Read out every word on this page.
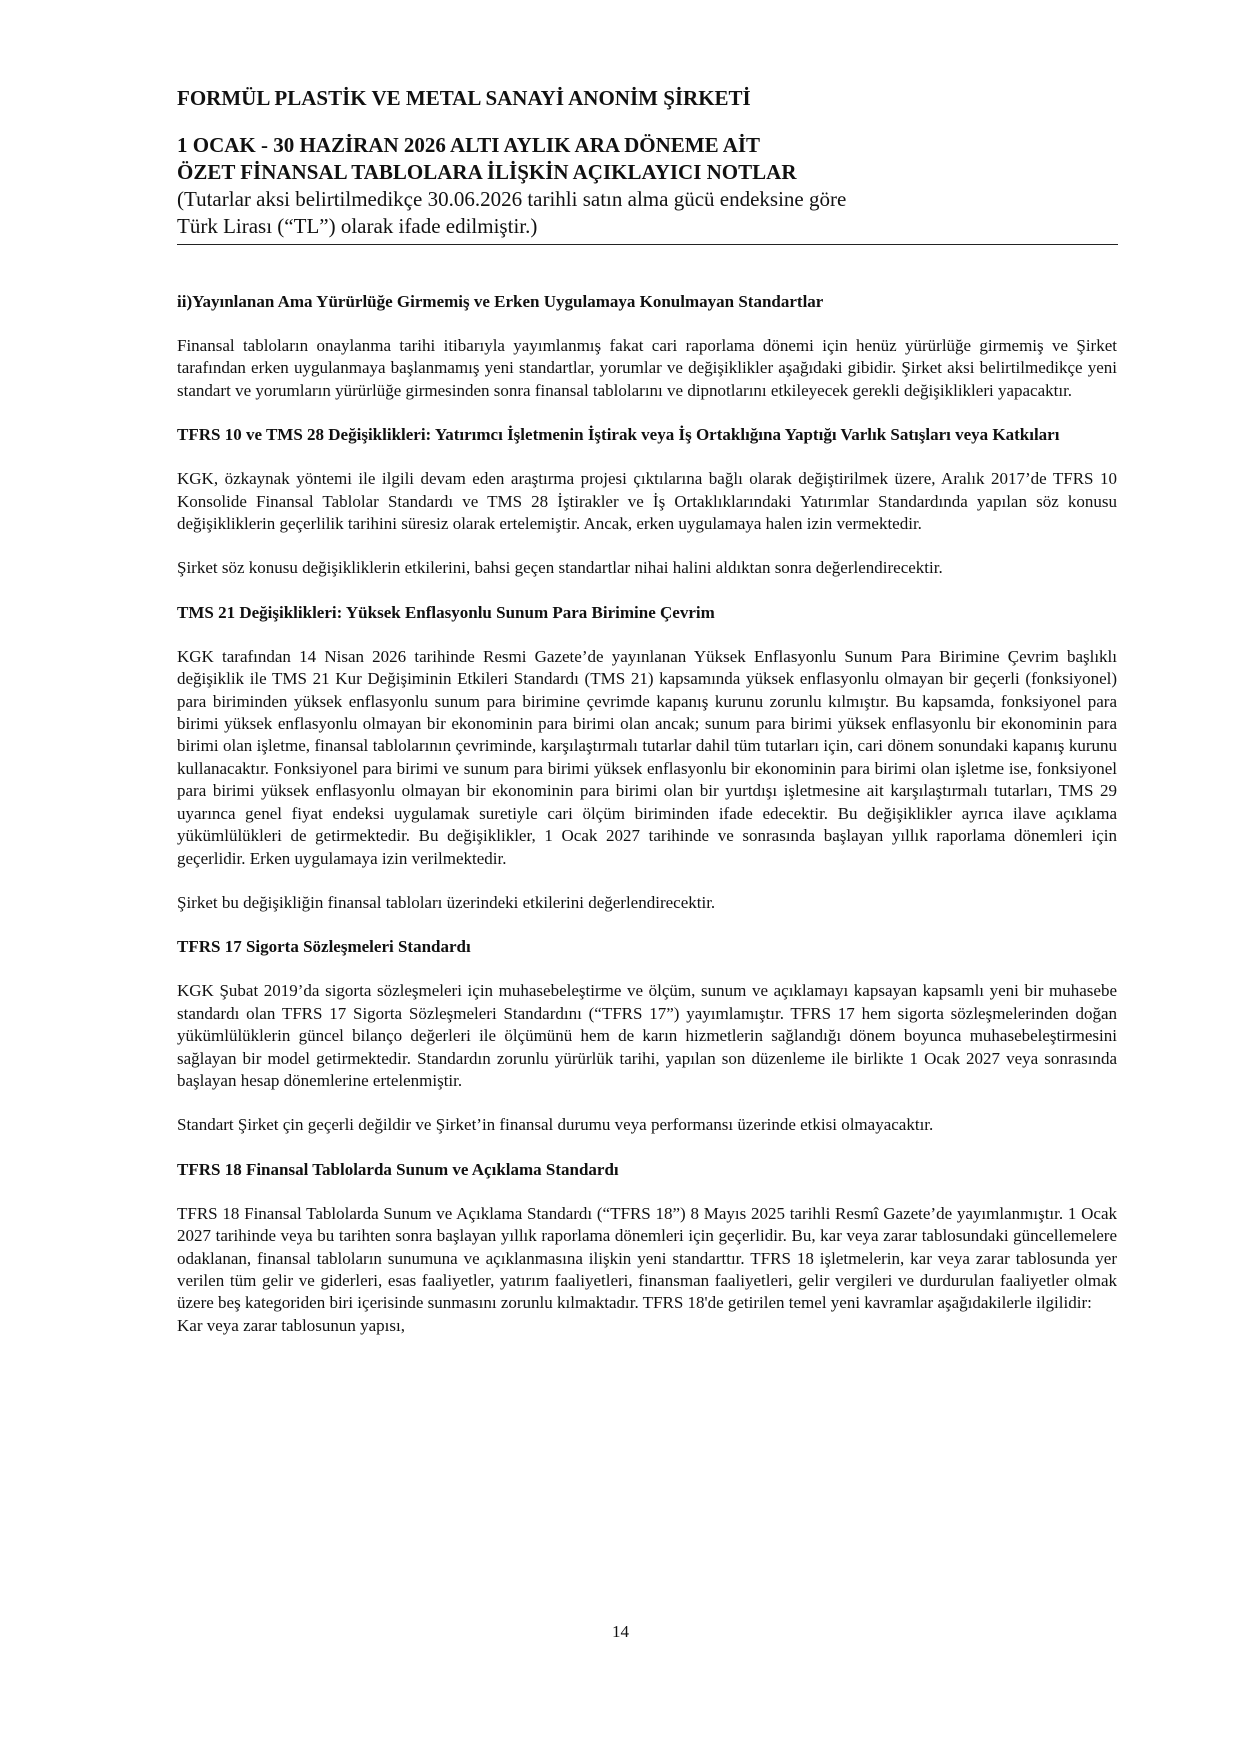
FORMÜL PLASTİK VE METAL SANAYİ ANONİM ŞİRKETİ

1 OCAK - 30 HAZİRAN 2026 ALTI AYLIK ARA DÖNEME AİT

ÖZET FİNANSAL TABLOLARA İLİŞKİN AÇIKLAYICI NOTLAR

(Tutarlar aksi belirtilmedikçe 30.06.2026 tarihli satın alma gücü endeksine göre

Türk Lirası (“TL”) olarak ifade edilmiştir.)

ii)Yayınlanan Ama Yürürlüğe Girmemiş ve Erken Uygulamaya Konulmayan Standartlar

Finansal tabloların onaylanma tarihi itibarıyla yayımlanmış fakat cari raporlama dönemi için henüz yürürlüğe girmemiş ve Şirket tarafından erken uygulanmaya başlanmamış yeni standartlar, yorumlar ve değişiklikler aşağıdaki gibidir. Şirket aksi belirtilmedikçe yeni standart ve yorumların yürürlüğe girmesinden sonra finansal tablolarını ve dipnotlarını etkileyecek gerekli değişiklikleri yapacaktır.

TFRS 10 ve TMS 28 Değişiklikleri: Yatırımcı İşletmenin İştirak veya İş Ortaklığına Yaptığı Varlık Satışları veya Katkıları

KGK, özkaynak yöntemi ile ilgili devam eden araştırma projesi çıktılarına bağlı olarak değiştirilmek üzere, Aralık 2017’de TFRS 10 Konsolide Finansal Tablolar Standardı ve TMS 28 İştirakler ve İş Ortaklıklarındaki Yatırımlar Standardında yapılan söz konusu değişikliklerin geçerlilik tarihini süresiz olarak ertelemiştir. Ancak, erken uygulamaya halen izin vermektedir.

Şirket söz konusu değişikliklerin etkilerini, bahsi geçen standartlar nihai halini aldıktan sonra değerlendirecektir.

TMS 21 Değişiklikleri: Yüksek Enflasyonlu Sunum Para Birimine Çevrim

KGK tarafından 14 Nisan 2026 tarihinde Resmi Gazete’de yayınlanan Yüksek Enflasyonlu Sunum Para Birimine Çevrim başlıklı değişiklik ile TMS 21 Kur Değişiminin Etkileri Standardı (TMS 21) kapsamında yüksek enflasyonlu olmayan bir geçerli (fonksiyonel) para biriminden yüksek enflasyonlu sunum para birimine çevrimde kapanış kurunu zorunlu kılmıştır. Bu kapsamda, fonksiyonel para birimi yüksek enflasyonlu olmayan bir ekonominin para birimi olan ancak; sunum para birimi yüksek enflasyonlu bir ekonominin para birimi olan işletme, finansal tablolarının çevriminde, karşılaştırmalı tutarlar dahil tüm tutarları için, cari dönem sonundaki kapanış kurunu kullanacaktır. Fonksiyonel para birimi ve sunum para birimi yüksek enflasyonlu bir ekonominin para birimi olan işletme ise, fonksiyonel para birimi yüksek enflasyonlu olmayan bir ekonominin para birimi olan bir yurtdışı işletmesine ait karşılaştırmalı tutarları, TMS 29 uyarınca genel fiyat endeksi uygulamak suretiyle cari ölçüm biriminden ifade edecektir. Bu değişiklikler ayrıca ilave açıklama yükümlülükleri de getirmektedir. Bu değişiklikler, 1 Ocak 2027 tarihinde ve sonrasında başlayan yıllık raporlama dönemleri için geçerlidir. Erken uygulamaya izin verilmektedir.

Şirket bu değişikliğin finansal tabloları üzerindeki etkilerini değerlendirecektir.

TFRS 17 Sigorta Sözleşmeleri Standardı

KGK Şubat 2019’da sigorta sözleşmeleri için muhasebeleştirme ve ölçüm, sunum ve açıklamayı kapsayan kapsamlı yeni bir muhasebe standardı olan TFRS 17 Sigorta Sözleşmeleri Standardını (“TFRS 17”) yayımlamıştır. TFRS 17 hem sigorta sözleşmelerinden doğan yükümlülüklerin güncel bilanço değerleri ile ölçümünü hem de karın hizmetlerin sağlandığı dönem boyunca muhasebeleştirmesini sağlayan bir model getirmektedir. Standardın zorunlu yürürlük tarihi, yapılan son düzenleme ile birlikte 1 Ocak 2027 veya sonrasında başlayan hesap dönemlerine ertelenmiştir.

Standart Şirket çin geçerli değildir ve Şirket’in finansal durumu veya performansı üzerinde etkisi olmayacaktır.

TFRS 18 Finansal Tablolarda Sunum ve Açıklama Standardı

TFRS 18 Finansal Tablolarda Sunum ve Açıklama Standardı (“TFRS 18”) 8 Mayıs 2025 tarihli Resmî Gazete’de yayımlanmıştır. 1 Ocak 2027 tarihinde veya bu tarihten sonra başlayan yıllık raporlama dönemleri için geçerlidir. Bu, kar veya zarar tablosundaki güncellemelere odaklanan, finansal tabloların sunumuna ve açıklanmasına ilişkin yeni standarttır. TFRS 18 işletmelerin, kar veya zarar tablosunda yer verilen tüm gelir ve giderleri, esas faaliyetler, yatırım faaliyetleri, finansman faaliyetleri, gelir vergileri ve durdurulan faaliyetler olmak üzere beş kategoriden biri içerisinde sunmasını zorunlu kılmaktadır. TFRS 18'de getirilen temel yeni kavramlar aşağıdakilerle ilgilidir:

Kar veya zarar tablosunun yapısı,

14
